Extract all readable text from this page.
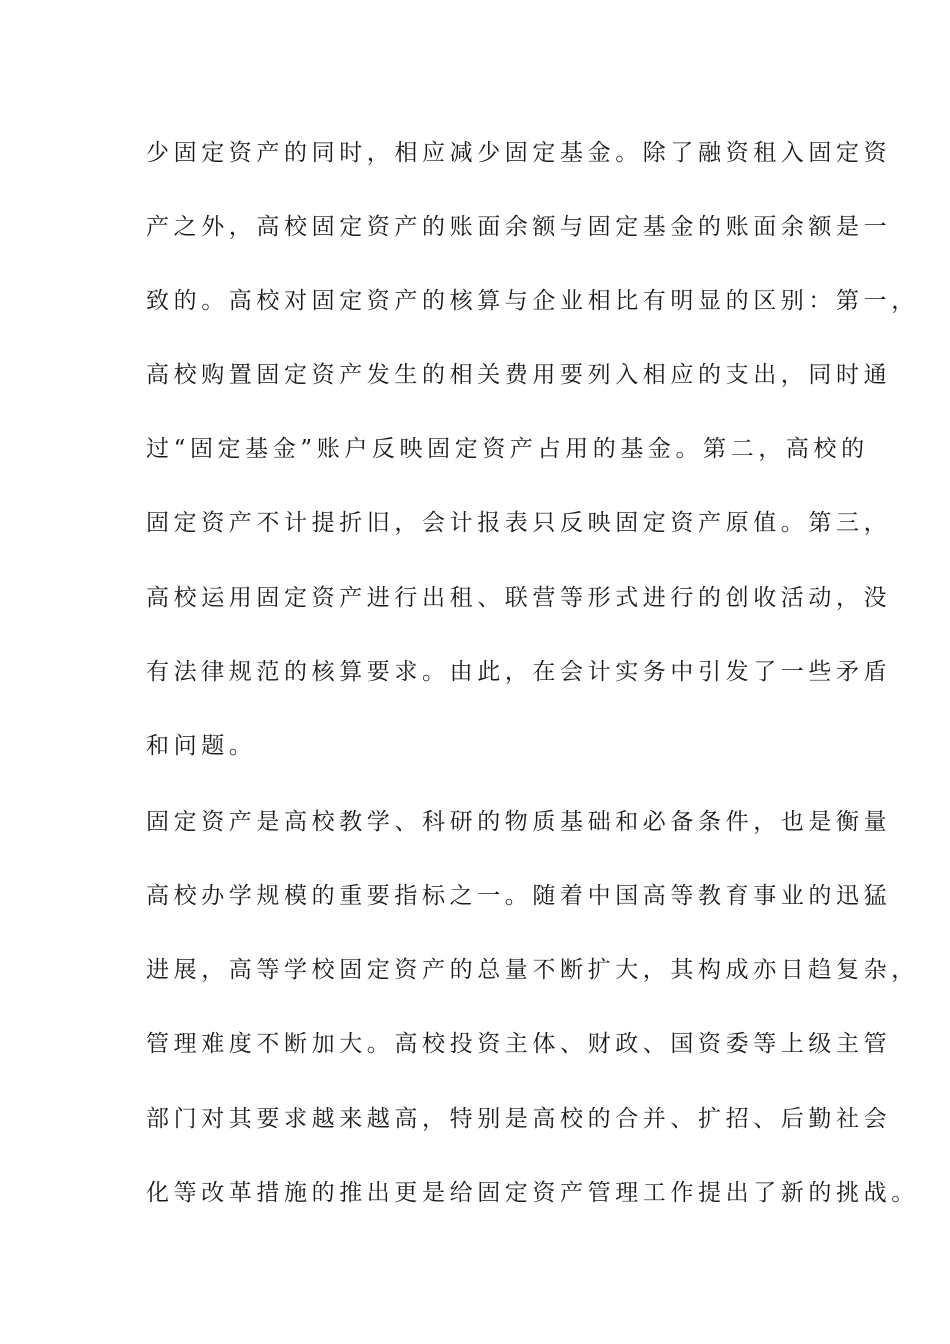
少固定资产的同时，相应减少固定基金。除了融资租入固定资
产之外，高校固定资产的账面余额与固定基金的账面余额是一
致的。高校对固定资产的核算与企业相比有明显的区别：第一，
高校购置固定资产发生的相关费用要列入相应的支出，同时通
过“固定基金”账户反映固定资产占用的基金。第二，高校的
固定资产不计提折旧，会计报表只反映固定资产原值。第三，
高校运用固定资产进行出租、联营等形式进行的创收活动，没
有法律规范的核算要求。由此，在会计实务中引发了一些矛盾
和问题。
固定资产是高校教学、科研的物质基础和必备条件，也是衡量
高校办学规模的重要指标之一。随着中国高等教育事业的迅猛
进展，高等学校固定资产的总量不断扩大，其构成亦日趋复杂，
管理难度不断加大。高校投资主体、财政、国资委等上级主管
部门对其要求越来越高，特别是高校的合并、扩招、后勤社会
化等改革措施的推出更是给固定资产管理工作提出了新的挑战。
